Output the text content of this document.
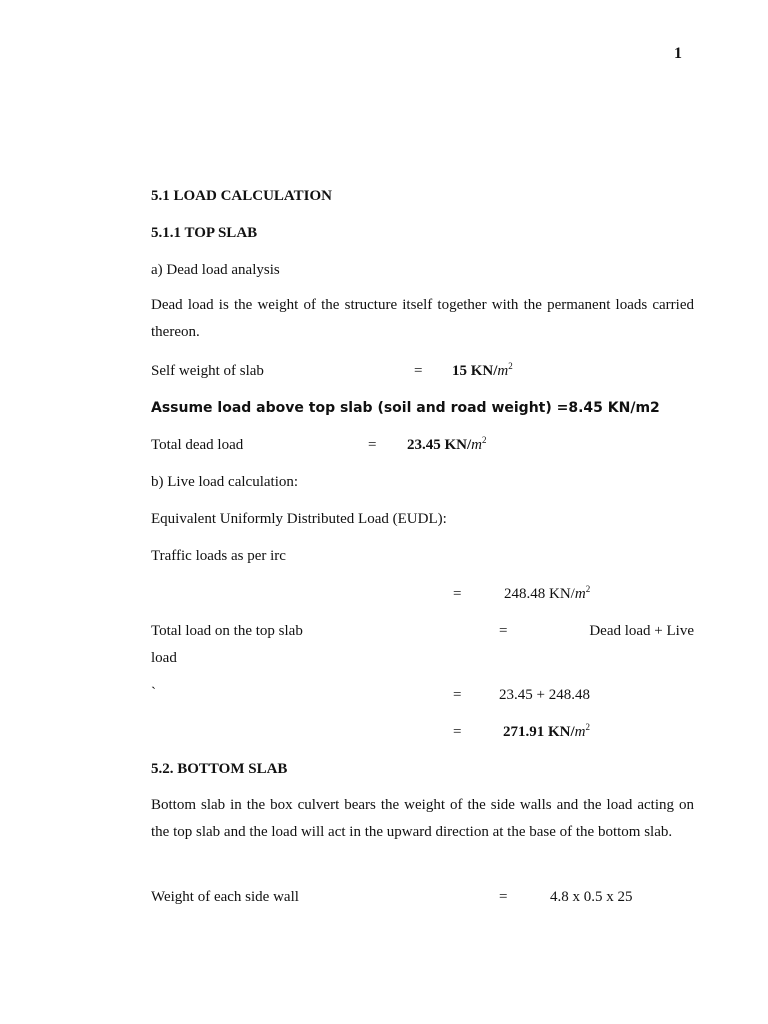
1
5.1 LOAD CALCULATION
5.1.1 TOP SLAB
a) Dead load analysis
Dead load is the weight of the structure itself together with the permanent loads carried thereon.
Self weight of slab	= 15 $KN/m^2$
Assume load above top slab (soil and road weight) =8.45 KN/m2
Total dead load	= 23.45 $KN/m^2$
b) Live load calculation:
Equivalent Uniformly Distributed Load (EUDL):
Traffic loads as per irc
=	248.48 $KN/m^2$
Total load on the top slab	=	Dead load + Live
load
`	=	23.45 + 248.48
=	271.91 $KN/m^2$
5.2. BOTTOM SLAB
Bottom slab in the box culvert bears the weight of the side walls and the load acting on the top slab and the load will act in the upward direction at the base of the bottom slab.
Weight of each side wall	=	4.8 x 0.5 x 25
